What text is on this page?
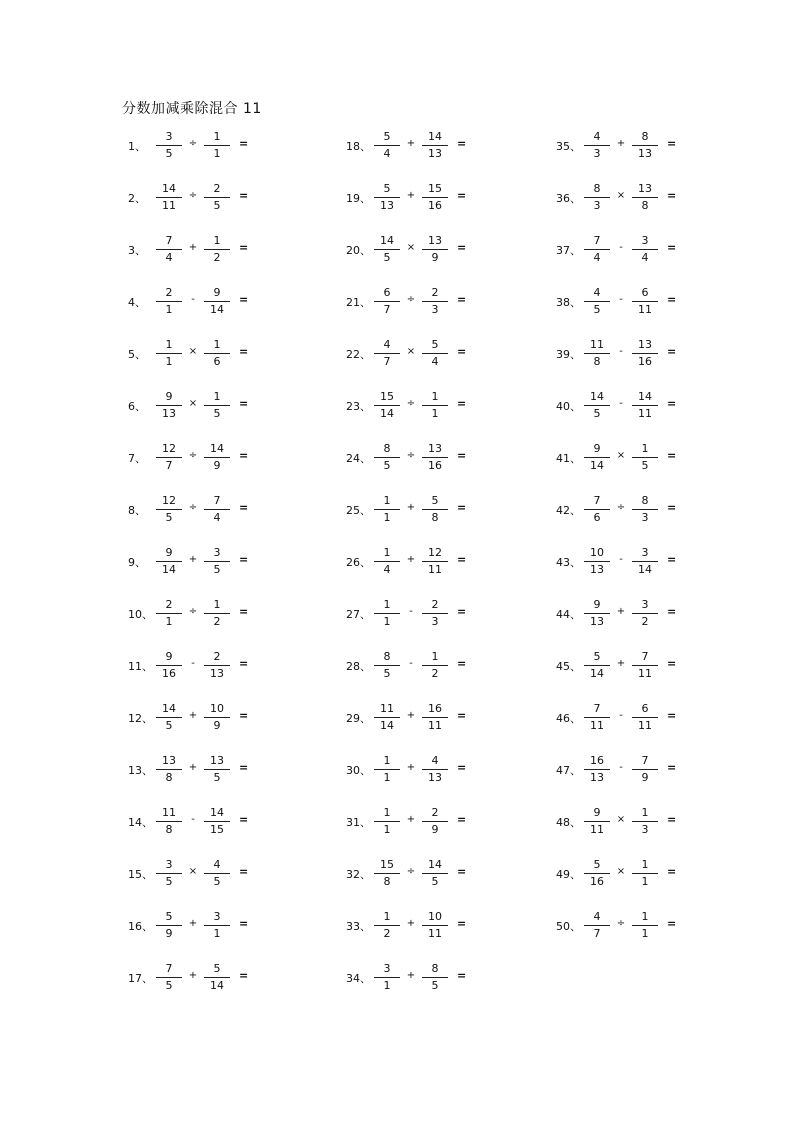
分数加减乘除混合 11
1、
3
5
÷
1
1
=
2、
14
11
÷
2
5
=
3、
7
4
+
1
2
=
4、
2
1
-
9
14
=
5、
1
1
×
1
6
=
6、
9
13
×
1
5
=
7、
12
7
÷
14
9
=
8、
12
5
÷
7
4
=
9、
9
14
+
3
5
=
10、
2
1
÷
1
2
=
11、
9
16
-
2
13
=
12、
14
5
+
10
9
=
13、
13
8
+
13
5
=
14、
11
8
-
14
15
=
15、
3
5
×
4
5
=
16、
5
9
+
3
1
=
17、
7
5
+
5
14
=
18、
5
4
+
14
13
=
19、
5
13
+
15
16
=
20、
14
5
×
13
9
=
21、
6
7
÷
2
3
=
22、
4
7
×
5
4
=
23、
15
14
÷
1
1
=
24、
8
5
÷
13
16
=
25、
1
1
+
5
8
=
26、
1
4
+
12
11
=
27、
1
1
-
2
3
=
28、
8
5
-
1
2
=
29、
11
14
+
16
11
=
30、
1
1
+
4
13
=
31、
1
1
+
2
9
=
32、
15
8
÷
14
5
=
33、
1
2
+
10
11
=
34、
3
1
+
8
5
=
35、
4
3
+
8
13
=
36、
8
3
×
13
8
=
37、
7
4
-
3
4
=
38、
4
5
-
6
11
=
39、
11
8
-
13
16
=
40、
14
5
-
14
11
=
41、
9
14
×
1
5
=
42、
7
6
÷
8
3
=
43、
10
13
-
3
14
=
44、
9
13
+
3
2
=
45、
5
14
+
7
11
=
46、
7
11
-
6
11
=
47、
16
13
-
7
9
=
48、
9
11
×
1
3
=
49、
5
16
×
1
1
=
50、
4
7
÷
1
1
=
